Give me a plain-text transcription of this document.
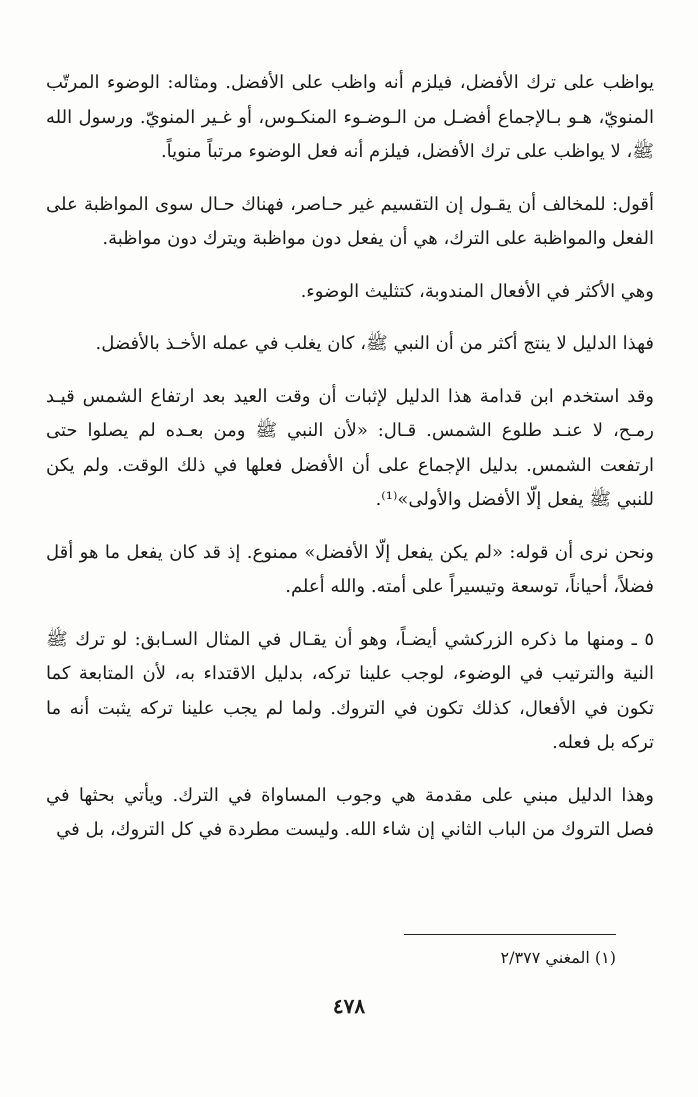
يواظب على ترك الأفضل، فيلزم أنه واظب على الأفضل. ومثاله: الوضوء المرتّب المنويّ، هـو بـالإجماع أفضـل من الـوضـوء المنكـوس، أو غـير المنويّ. ورسول الله ﷺ، لا يواظب على ترك الأفضل، فيلزم أنه فعل الوضوء مرتباً منوياً.

أقول: للمخالف أن يقـول إن التقسيم غير حـاصر، فهناك حـال سوى المواظبة على الفعل والمواظبة على الترك، هي أن يفعل دون مواظبة ويترك دون مواظبة.

وهي الأكثر في الأفعال المندوبة، كتثليث الوضوء.

فهذا الدليل لا ينتج أكثر من أن النبي ﷺ، كان يغلب في عمله الأخـذ بالأفضل.

وقد استخدم ابن قدامة هذا الدليل لإثبات أن وقت العيد بعد ارتفاع الشمس قيـد رمـح، لا عنـد طلوع الشمس. قـال: «لأن النبي ﷺ ومن بعـده لم يصلوا حتى ارتفعت الشمس. بدليل الإجماع على أن الأفضل فعلها في ذلك الوقت. ولم يكن للنبي ﷺ يفعل إلّا الأفضل والأولى»⁽¹⁾.

ونحن نرى أن قوله: «لم يكن يفعل إلّا الأفضل» ممنوع. إذ قد كان يفعل ما هو أقل فضلاً، أحياناً، توسعة وتيسيراً على أمته. والله أعلم.

٥ ـ ومنها ما ذكره الزركشي أيضـاً، وهو أن يقـال في المثال السـابق: لو ترك ﷺ النية والترتيب في الوضوء، لوجب علينا تركه، بدليل الاقتداء به، لأن المتابعة كما تكون في الأفعال، كذلك تكون في التروك. ولما لم يجب علينا تركه يثبت أنه ما تركه بل فعله.

وهذا الدليل مبني على مقدمة هي وجوب المساواة في الترك. ويأتي بحثها في فصل التروك من الباب الثاني إن شاء الله. وليست مطردة في كل التروك، بل في

(١) المغني ٢/٣٧٧
٤٧٨
